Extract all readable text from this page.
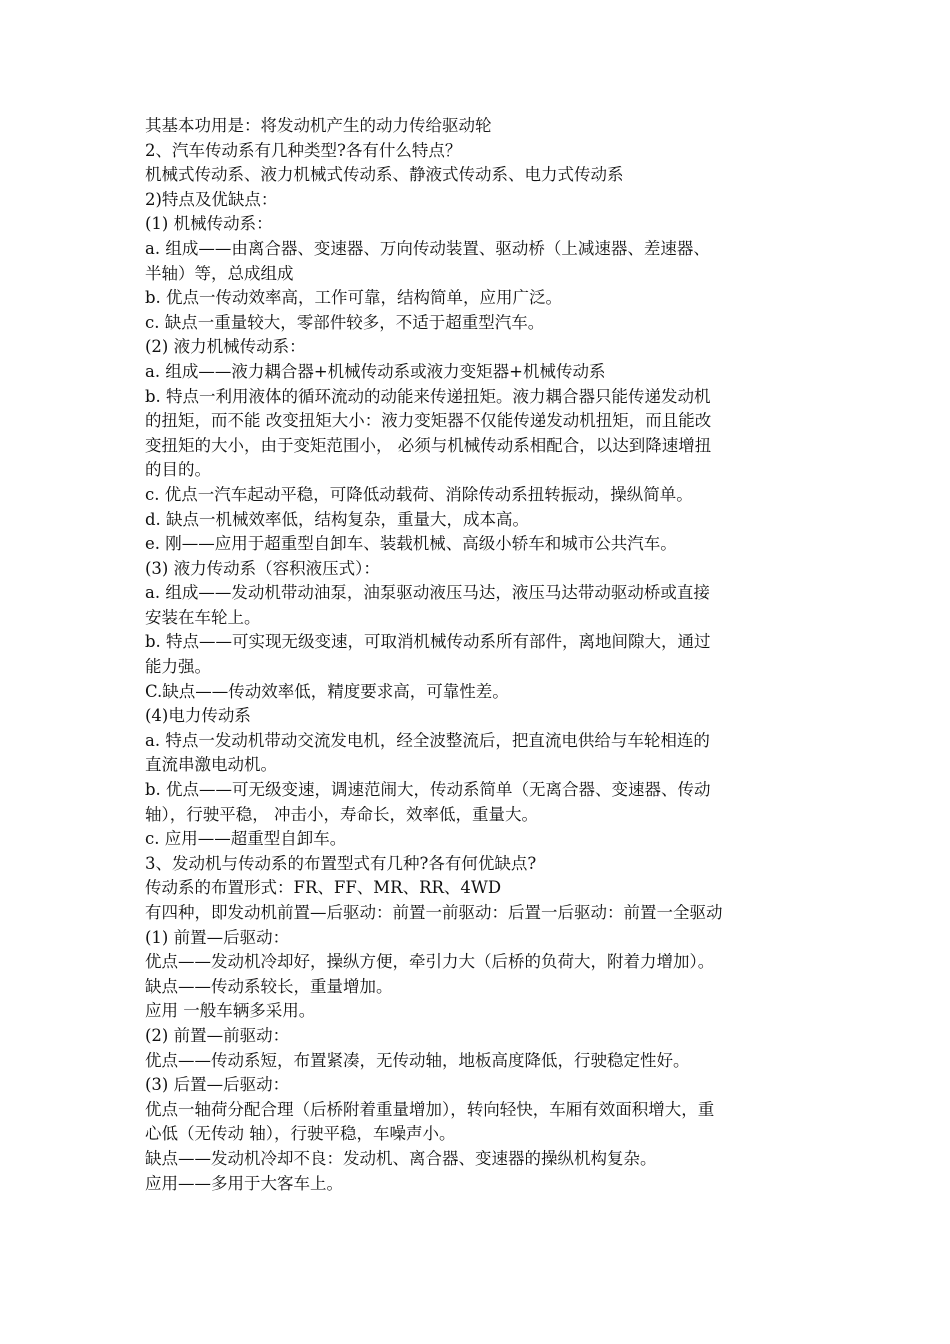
其基本功用是：将发动机产生的动力传给驱动轮
2、汽车传动系有几种类型?各有什么特点？
机械式传动系、液力机械式传动系、静液式传动系、电力式传动系
2)特点及优缺点：
(1) 机械传动系：
a. 组成——由离合器、变速器、万向传动装置、驱动桥（上减速器、差速器、
半轴）等，总成组成
b. 优点一传动效率高，工作可靠，结构简单，应用广泛。
c. 缺点一重量较大，零部件较多，不适于超重型汽车。
(2) 液力机械传动系：
a. 组成——液力耦合器+机械传动系或液力变矩器+机械传动系
b. 特点一利用液体的循环流动的动能来传递扭矩。液力耦合器只能传递发动机
的扭矩，而不能 改变扭矩大小：液力变矩器不仅能传递发动机扭矩，而且能改
变扭矩的大小，由于变矩范围小， 必须与机械传动系相配合，以达到降速增扭
的目的。
c. 优点一汽车起动平稳，可降低动载荷、消除传动系扭转振动，操纵简单。
d. 缺点一机械效率低，结构复杂，重量大，成本高。
e. 刚——应用于超重型自卸车、装载机械、高级小轿车和城市公共汽车。
(3) 液力传动系（容积液压式）：
a. 组成——发动机带动油泵，油泵驱动液压马达，液压马达带动驱动桥或直接
安装在车轮上。
b. 特点——可实现无级变速，可取消机械传动系所有部件，离地间隙大，通过
能力强。
C.缺点——传动效率低，精度要求高，可靠性差。
(4)电力传动系
a. 特点一发动机带动交流发电机，经全波整流后，把直流电供给与车轮相连的
直流串激电动机。
b. 优点——可无级变速，调速范闹大，传动系简单（无离合器、变速器、传动
轴），行驶平稳， 冲击小，寿命长，效率低，重量大。
c. 应用——超重型自卸车。
3、发动机与传动系的布置型式有几种?各有何优缺点?
传动系的布置形式：FR、FF、MR、RR、4WD
有四种，即发动机前置—后驱动：前置一前驱动：后置一后驱动：前置一全驱动
(1) 前置—后驱动：
优点——发动机冷却好，操纵方便，牵引力大（后桥的负荷大，附着力增加）。
缺点——传动系较长，重量增加。
应用 一般车辆多采用。
(2) 前置—前驱动：
优点——传动系短，布置紧凑，无传动轴，地板高度降低，行驶稳定性好。
(3) 后置—后驱动：
优点一轴荷分配合理（后桥附着重量增加），转向轻快，车厢有效面积增大，重
心低（无传动 轴），行驶平稳，车噪声小。
缺点——发动机冷却不良：发动机、离合器、变速器的操纵机构复杂。
应用——多用于大客车上。
